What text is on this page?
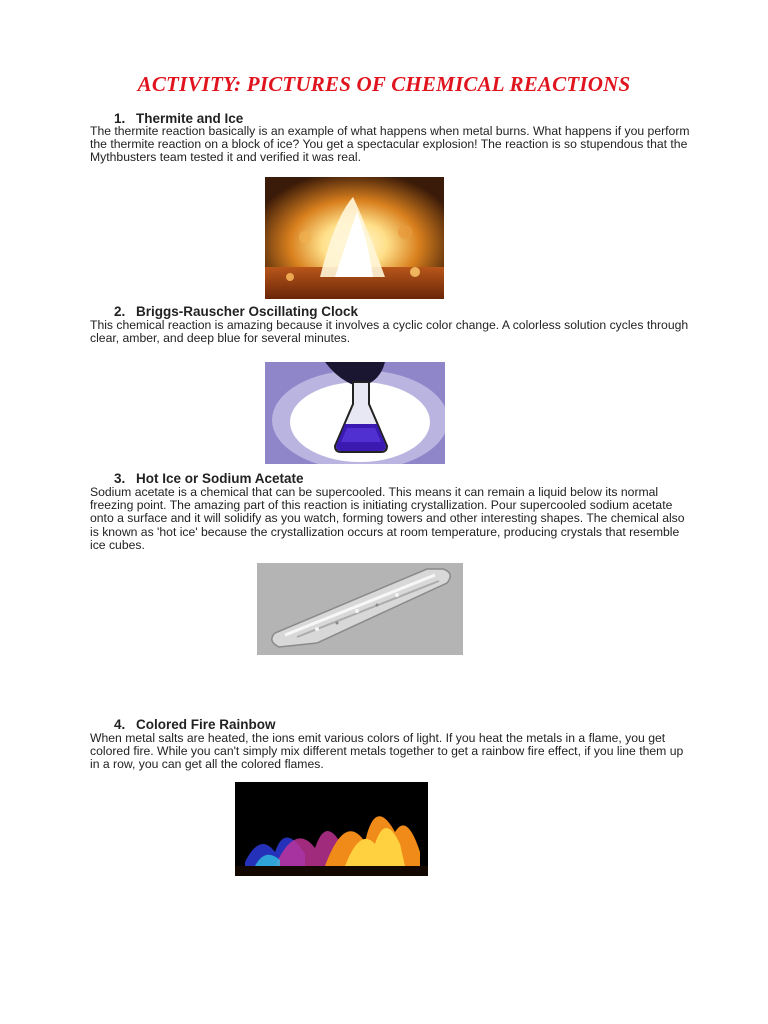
ACTIVITY: PICTURES OF CHEMICAL REACTIONS
1. Thermite and Ice

The thermite reaction basically is an example of what happens when metal burns. What happens if you perform the thermite reaction on a block of ice? You get a spectacular explosion! The reaction is so stupendous that the Mythbusters team tested it and verified it was real.

2. Briggs-Rauscher Oscillating Clock

This chemical reaction is amazing because it involves a cyclic color change. A colorless solution cycles through clear, amber, and deep blue for several minutes.

3. Hot Ice or Sodium Acetate

Sodium acetate is a chemical that can be supercooled. This means it can remain a liquid below its normal freezing point. The amazing part of this reaction is initiating crystallization. Pour supercooled sodium acetate onto a surface and it will solidify as you watch, forming towers and other interesting shapes. The chemical also is known as 'hot ice' because the crystallization occurs at room temperature, producing crystals that resemble ice cubes.

4. Colored Fire Rainbow

When metal salts are heated, the ions emit various colors of light. If you heat the metals in a flame, you get colored fire. While you can't simply mix different metals together to get a rainbow fire effect, if you line them up in a row, you can get all the colored flames.
